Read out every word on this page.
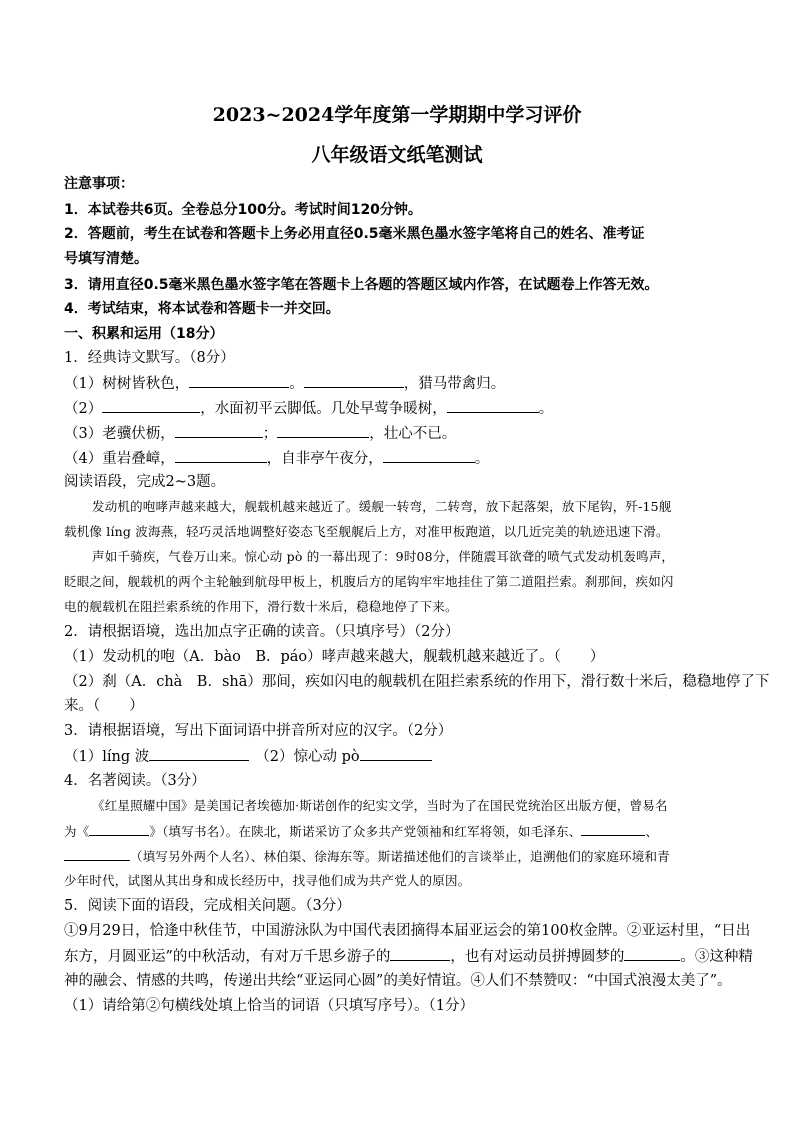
2023~2024学年度第一学期期中学习评价
八年级语文纸笔测试
注意事项：
1．本试卷共6页。全卷总分100分。考试时间120分钟。
2．答题前，考生在试卷和答题卡上务必用直径0.5毫米黑色墨水签字笔将自己的姓名、准考证
号填写清楚。
3．请用直径0.5毫米黑色墨水签字笔在答题卡上各题的答题区域内作答，在试题卷上作答无效。
4．考试结束，将本试卷和答题卡一并交回。
一、积累和运用（18分）
1．经典诗文默写。（8分）
（1）树树皆秋色，	。	，猎马带禽归。
（2）	，水面初平云脚低。几处早莺争暖树，	。
（3）老骥伏枥，	；	，壮心不已。
（4）重岩叠嶂，	，自非亭午夜分，	。
阅读语段，完成2~3题。
发动机的咆哮声越来越大，舰载机越来越近了。缓舰一转弯，二转弯，放下起落架，放下尾钩，歼-15舰
载机像 líng 波海燕，轻巧灵活地调整好姿态飞至舰艉后上方，对准甲板跑道，以几近完美的轨迹迅速下滑。
声如千骑疾，气卷万山来。惊心动 pò 的一幕出现了：9时08分，伴随震耳欲聋的喷气式发动机轰鸣声，
眨眼之间，舰载机的两个主轮触到航母甲板上，机腹后方的尾钩牢牢地挂住了第二道阻拦索。刹那间，疾如闪
电的舰载机在阻拦索系统的作用下，滑行数十米后，稳稳地停了下来。
2．请根据语境，选出加点字正确的读音。（只填序号）（2分）
（1）发动机的咆（A．bào　B．páo）哮声越来越大，舰载机越来越近了。（　　）
（2）刹（A．chà　B．shā）那间，疾如闪电的舰载机在阻拦索系统的作用下，滑行数十米后，稳稳地停了下
来。（　　）
3．请根据语境，写出下面词语中拼音所对应的汉字。（2分）
（1）líng 波	（2）惊心动 pò
4．名著阅读。（3分）
《红星照耀中国》是美国记者埃德加·斯诺创作的纪实文学，当时为了在国民党统治区出版方便，曾易名
为《	》（填写书名）。在陕北，斯诺采访了众多共产党领袖和红军将领，如毛泽东、	、
（填写另外两个人名）、林伯渠、徐海东等。斯诺描述他们的言谈举止，追溯他们的家庭环境和青
少年时代，试图从其出身和成长经历中，找寻他们成为共产党人的原因。
5．阅读下面的语段，完成相关问题。（3分）
①9月29日，恰逢中秋佳节，中国游泳队为中国代表团摘得本届亚运会的第100枚金牌。②亚运村里，“日出
东方，月圆亚运”的中秋活动，有对万千思乡游子的	，也有对运动员拼搏圆梦的	。③这种精
神的融会、情感的共鸣，传递出共绘“亚运同心圆”的美好情谊。④人们不禁赞叹：“中国式浪漫太美了”。
（1）请给第②句横线处填上恰当的词语（只填写序号）。（1分）
